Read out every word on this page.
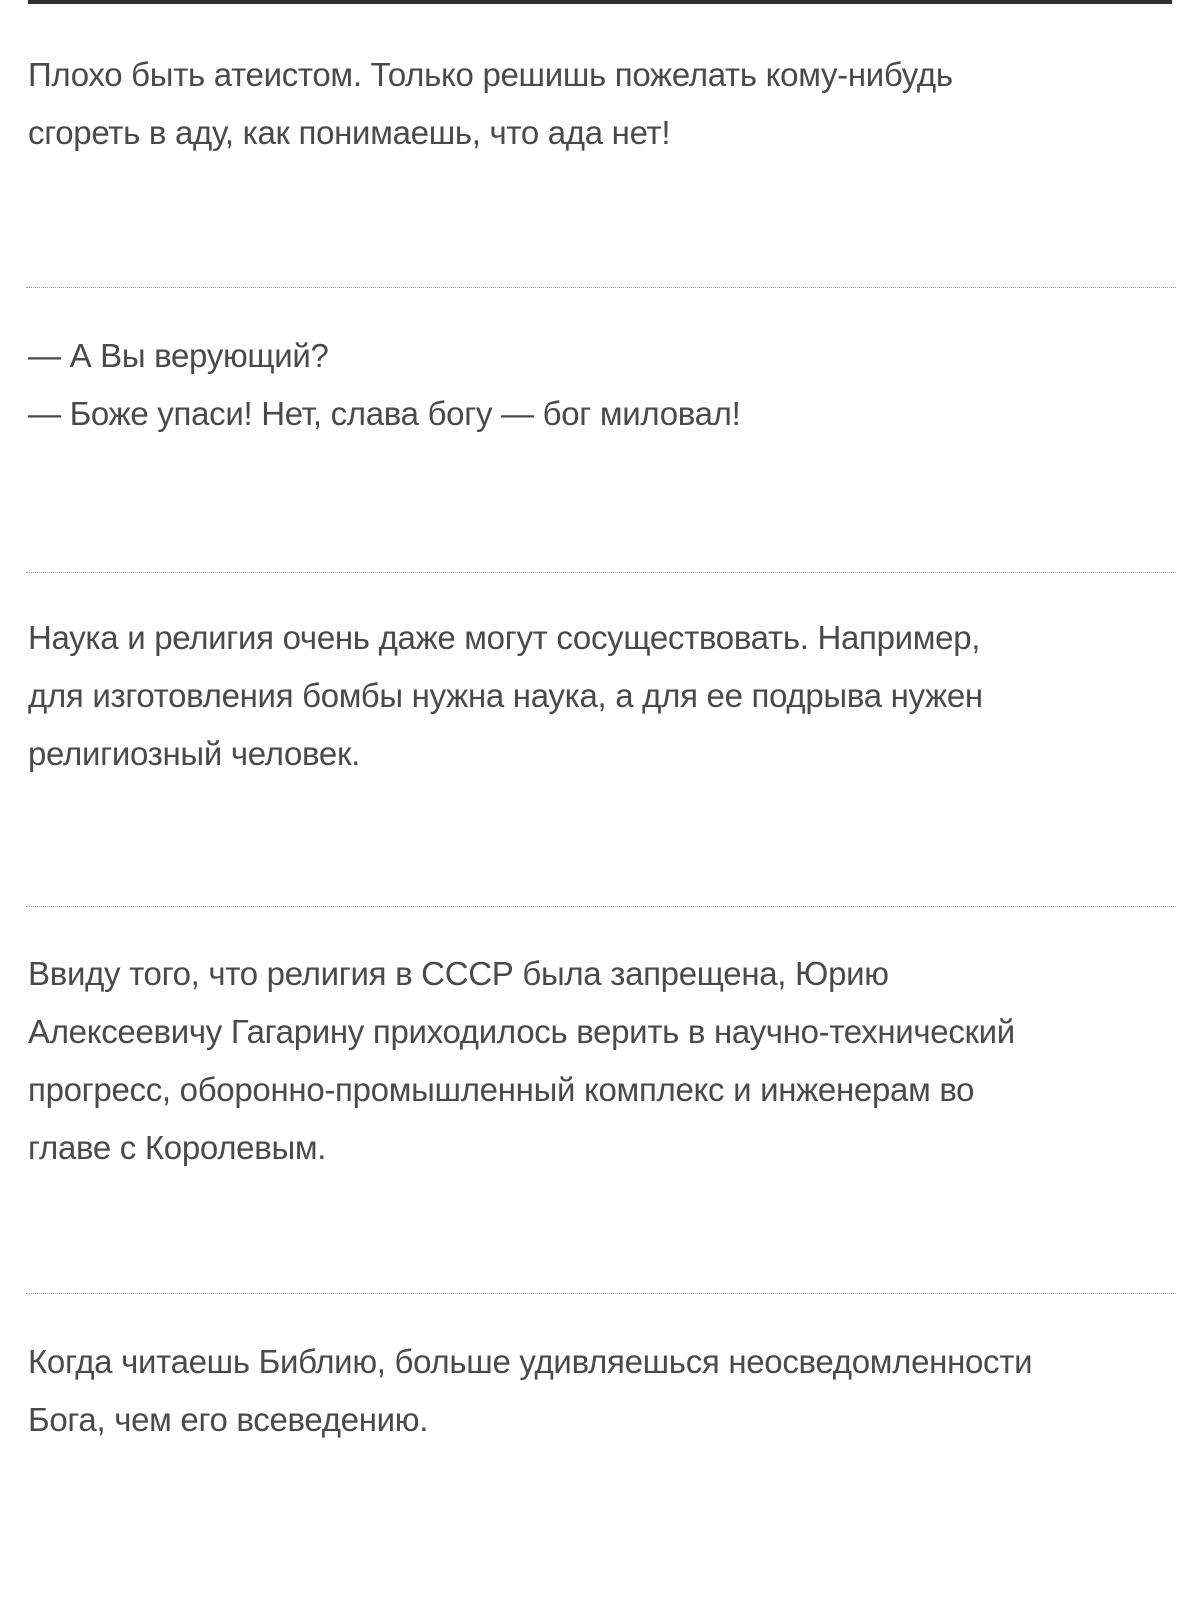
Плохо быть атеистом. Только решишь пожелать кому-нибудь

сгореть в аду, как понимаешь, что ада нет!

— А Вы верующий?

— Боже упаси! Нет, слава богу — бог миловал!

Наука и религия очень даже могут сосуществовать. Например,

для изготовления бомбы нужна наука, а для ее подрыва нужен

религиозный человек.

Ввиду того, что религия в СССР была запрещена, Юрию

Алексеевичу Гагарину приходилось верить в научно-технический

прогресс, оборонно-промышленный комплекс и инженерам во

главе с Королевым.

Когда читаешь Библию, больше удивляешься неосведомленности

Бога, чем его всеведению.
